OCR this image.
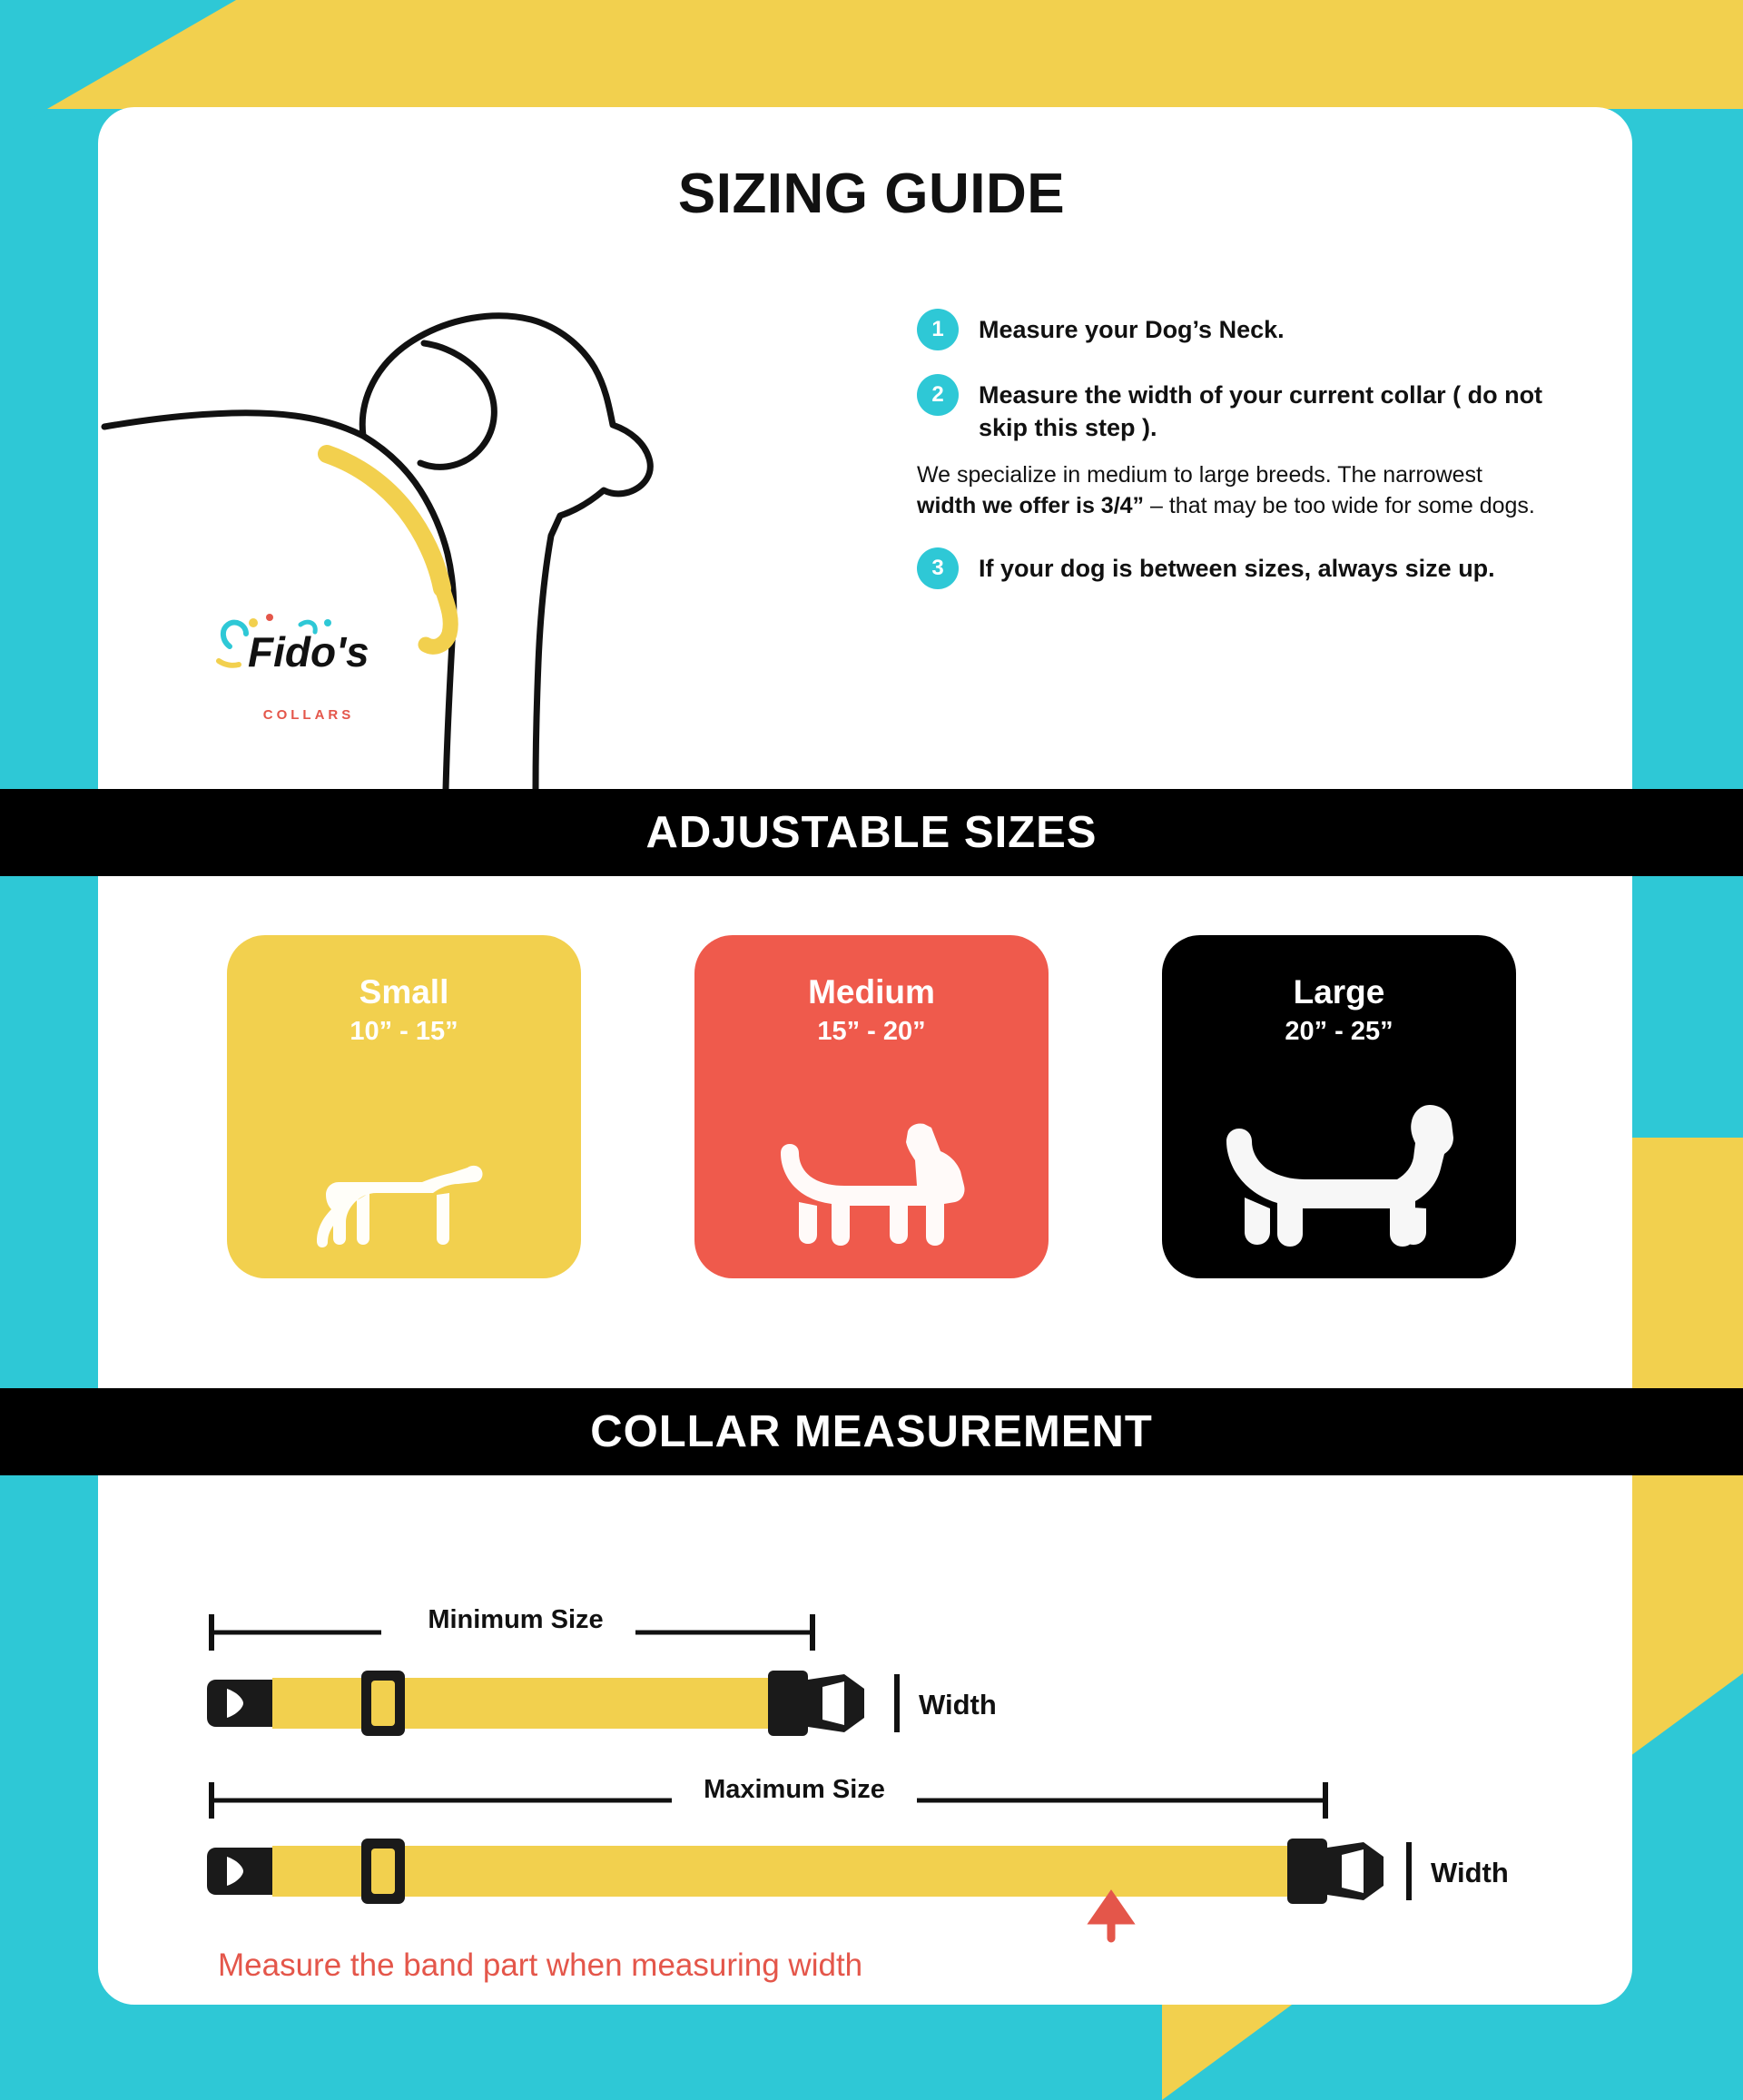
SIZING GUIDE
Fido's
COLLARS
1	Measure your Dog’s Neck.
2	Measure the width of your current collar ( do not skip this step ).
We specialize in medium to large breeds. The narrowest width we offer is 3/4” – that may be too wide for some dogs.
3	If your dog is between sizes, always size up.
ADJUSTABLE SIZES
Small
10” - 15”
Medium
15” - 20”
Large
20” - 25”
COLLAR MEASUREMENT
Width
Minimum Size
Width
Maximum Size
Measure the band part when measuring width
